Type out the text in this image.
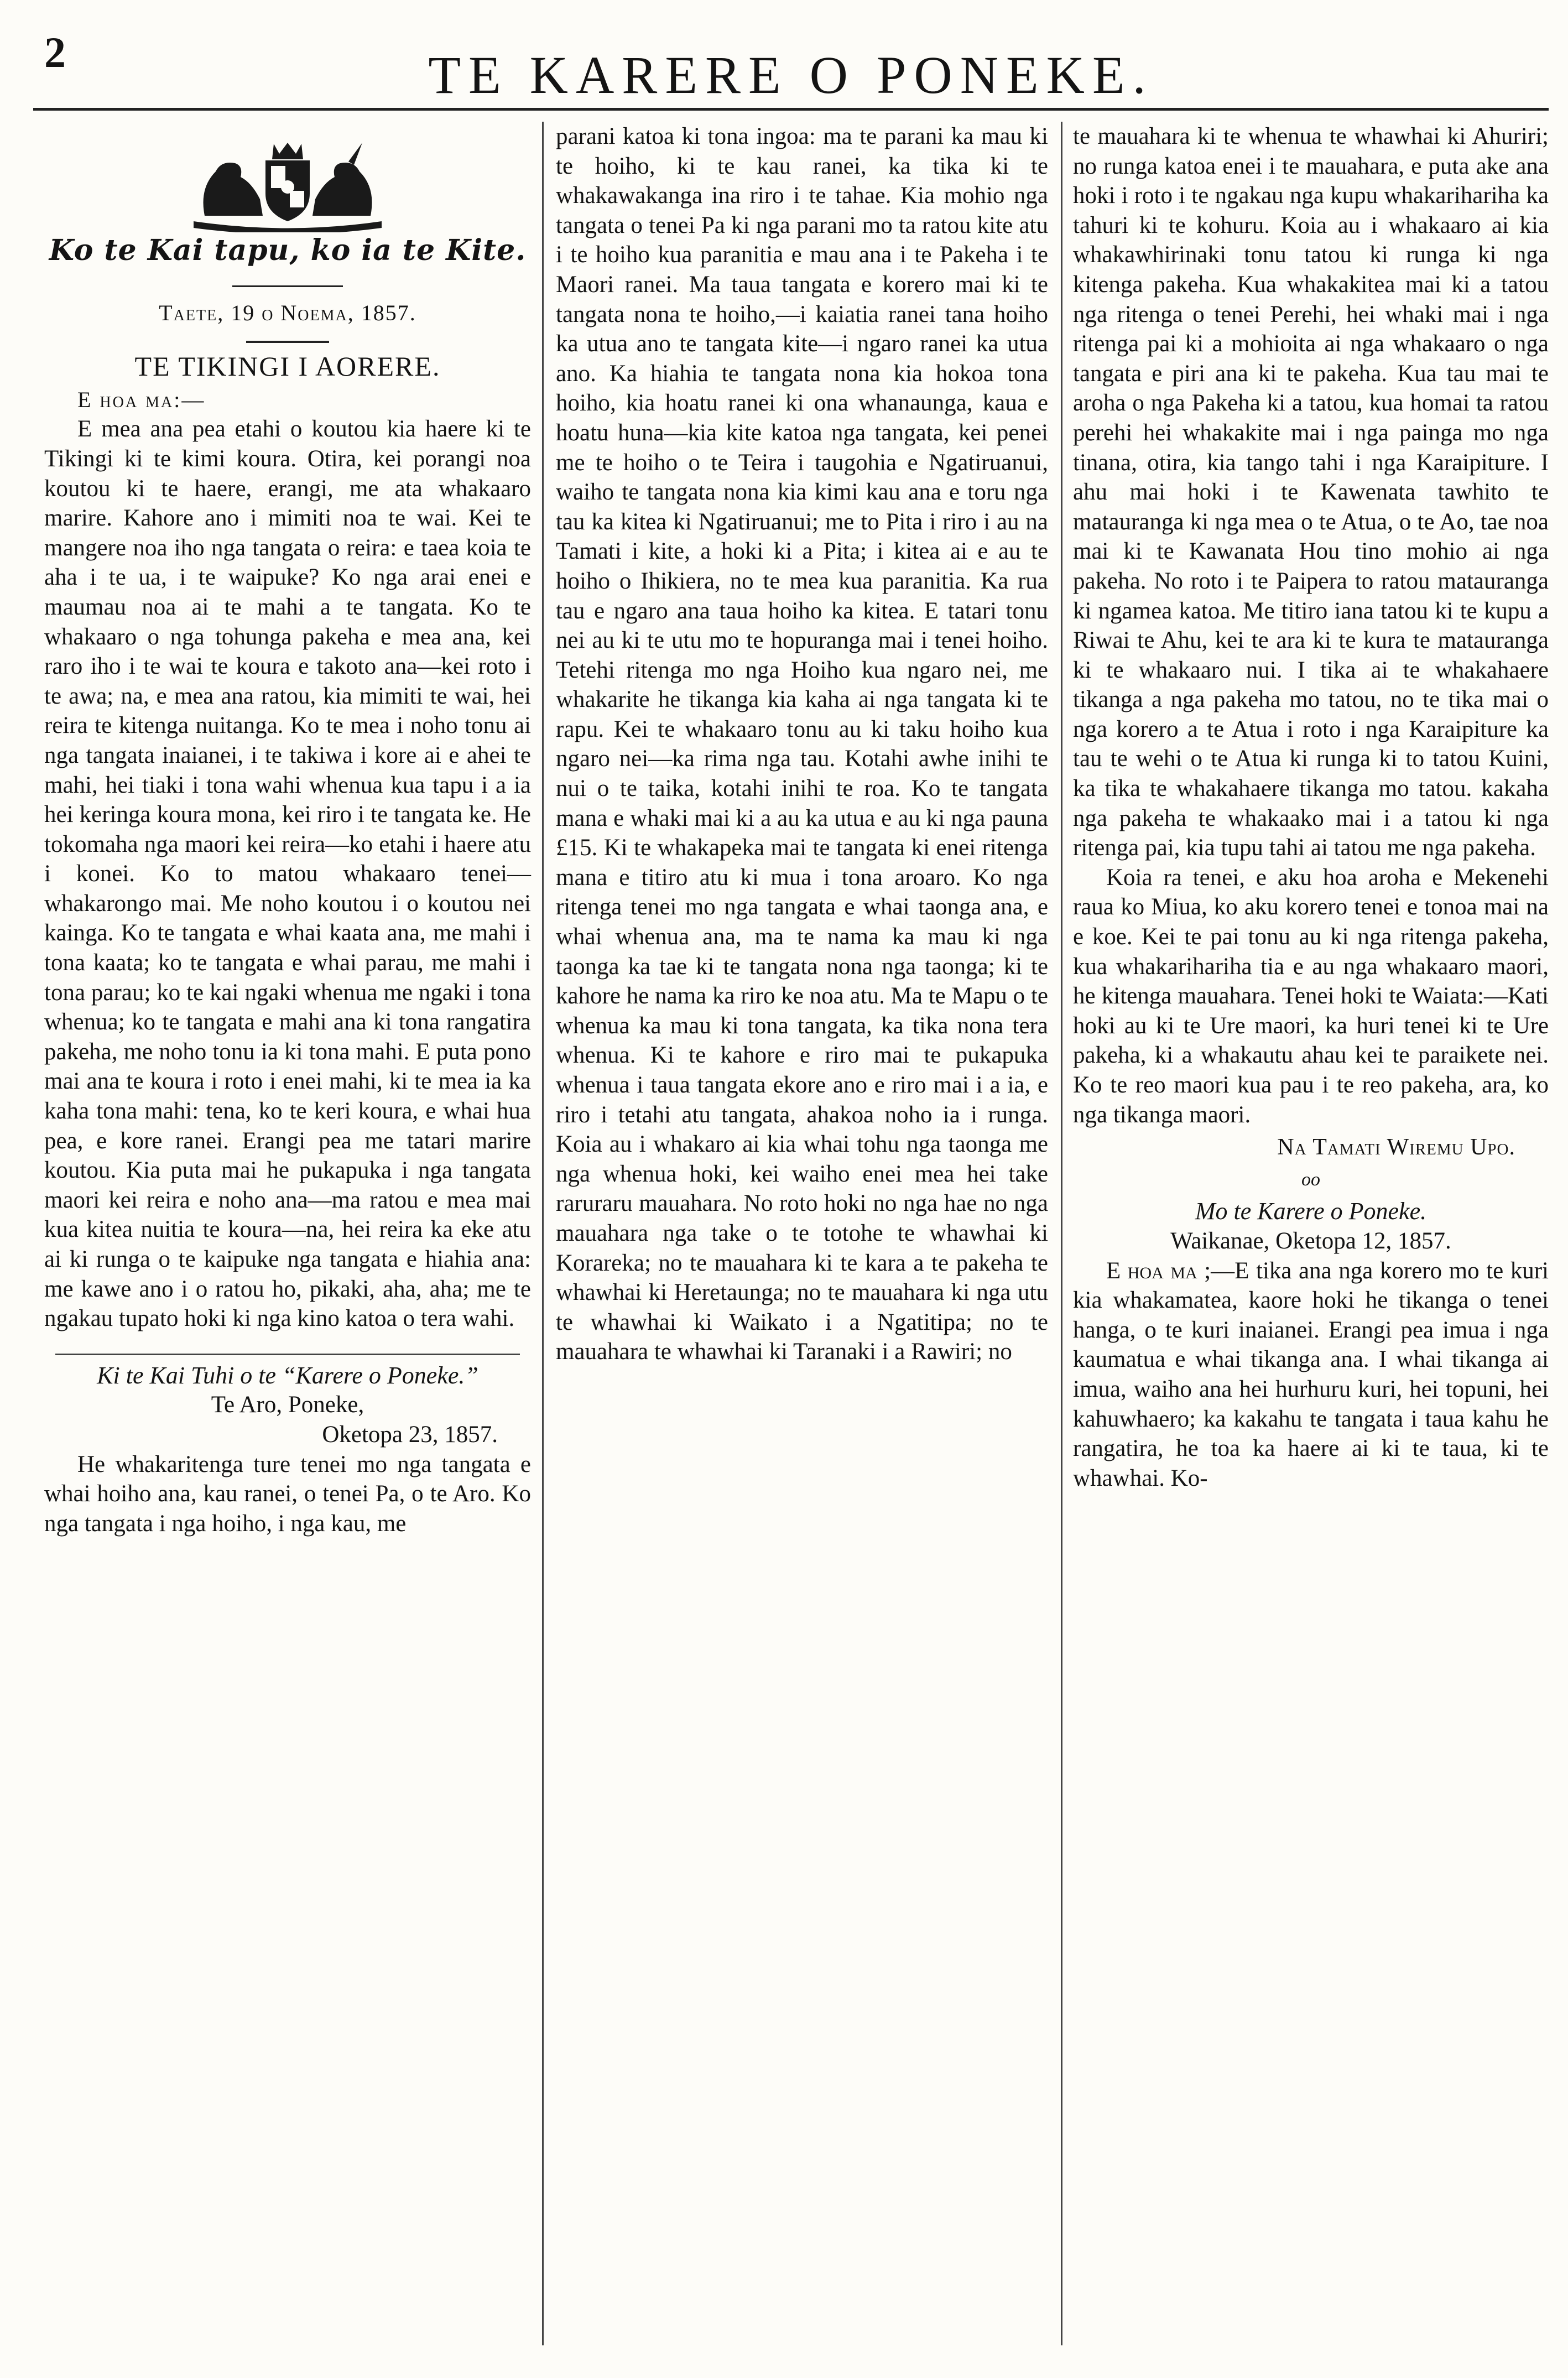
2	TE KARERE O PONEKE.
Ko te Kai tapu, ko ia te Kite.
Taete, 19 o Noema, 1857.
TE TIKINGI I AORERE.
E hoa ma:—

E mea ana pea etahi o koutou kia haere ki te Tikingi ki te kimi koura. Otira, kei porangi noa koutou ki te haere, erangi, me ata whakaaro marire. Kahore ano i mimiti noa te wai. Kei te mangere noa iho nga tangata o reira: e taea koia te aha i te ua, i te waipuke? Ko nga arai enei e maumau noa ai te mahi a te tangata. Ko te whakaaro o nga tohunga pakeha e mea ana, kei raro iho i te wai te koura e takoto ana—kei roto i te awa; na, e mea ana ratou, kia mimiti te wai, hei reira te kitenga nuitanga. Ko te mea i noho tonu ai nga tangata inaianei, i te takiwa i kore ai e ahei te mahi, hei tiaki i tona wahi whenua kua tapu i a ia hei keringa koura mona, kei riro i te tangata ke. He tokomaha nga maori kei reira—ko etahi i haere atu i konei. Ko to matou whakaaro tenei—whakarongo mai. Me noho koutou i o koutou nei kainga. Ko te tangata e whai kaata ana, me mahi i tona kaata; ko te tangata e whai parau, me mahi i tona parau; ko te kai ngaki whenua me ngaki i tona whenua; ko te tangata e mahi ana ki tona rangatira pakeha, me noho tonu ia ki tona mahi. E puta pono mai ana te koura i roto i enei mahi, ki te mea ia ka kaha tona mahi: tena, ko te keri koura, e whai hua pea, e kore ranei. Erangi pea me tatari marire koutou. Kia puta mai he pukapuka i nga tangata maori kei reira e noho ana—ma ratou e mea mai kua kitea nuitia te koura—na, hei reira ka eke atu ai ki runga o te kaipuke nga tangata e hiahia ana: me kawe ano i o ratou ho, pikaki, aha, aha; me te ngakau tupato hoki ki nga kino katoa o tera wahi.

Ki te Kai Tuhi o te “Karere o Poneke.”
Te Aro, Poneke,
Oketopa 23, 1857.

He whakaritenga ture tenei mo nga tangata e whai hoiho ana, kau ranei, o tenei Pa, o te Aro. Ko nga tangata i nga hoiho, i nga kau, me

parani katoa ki tona ingoa: ma te parani ka mau ki te hoiho, ki te kau ranei, ka tika ki te whakawakanga ina riro i te tahae. Kia mohio nga tangata o tenei Pa ki nga parani mo ta ratou kite atu i te hoiho kua paranitia e mau ana i te Pakeha i te Maori ranei. Ma taua tangata e korero mai ki te tangata nona te hoiho,—i kaiatia ranei tana hoiho ka utua ano te tangata kite—i ngaro ranei ka utua ano. Ka hiahia te tangata nona kia hokoa tona hoiho, kia hoatu ranei ki ona whanaunga, kaua e hoatu huna—kia kite katoa nga tangata, kei penei me te hoiho o te Teira i taugohia e Ngatiruanui, waiho te tangata nona kia kimi kau ana e toru nga tau ka kitea ki Ngatiruanui; me to Pita i riro i au na Tamati i kite, a hoki ki a Pita; i kitea ai e au te hoiho o Ihikiera, no te mea kua paranitia. Ka rua tau e ngaro ana taua hoiho ka kitea. E tatari tonu nei au ki te utu mo te hopuranga mai i tenei hoiho. Tetehi ritenga mo nga Hoiho kua ngaro nei, me whakarite he tikanga kia kaha ai nga tangata ki te rapu. Kei te whakaaro tonu au ki taku hoiho kua ngaro nei—ka rima nga tau. Kotahi awhe inihi te nui o te taika, kotahi inihi te roa. Ko te tangata mana e whaki mai ki a au ka utua e au ki nga pauna £15. Ki te whakapeka mai te tangata ki enei ritenga mana e titiro atu ki mua i tona aroaro. Ko nga ritenga tenei mo nga tangata e whai taonga ana, e whai whenua ana, ma te nama ka mau ki nga taonga ka tae ki te tangata nona nga taonga; ki te kahore he nama ka riro ke noa atu. Ma te Mapu o te whenua ka mau ki tona tangata, ka tika nona tera whenua. Ki te kahore e riro mai te pukapuka whenua i taua tangata ekore ano e riro mai i a ia, e riro i tetahi atu tangata, ahakoa noho ia i runga. Koia au i whakaro ai kia whai tohu nga taonga me nga whenua hoki, kei waiho enei mea hei take raruraru mauahara. No roto hoki no nga hae no nga mauahara nga take o te totohe te whawhai ki Korareka; no te mauahara ki te kara a te pakeha te whawhai ki Heretaunga; no te mauahara ki nga utu te whawhai ki Waikato i a Ngatitipa; no te mauahara te whawhai ki Taranaki i a Rawiri; no

te mauahara ki te whenua te whawhai ki Ahuriri; no runga katoa enei i te mauahara, e puta ake ana hoki i roto i te ngakau nga kupu whakarihariha ka tahuri ki te kohuru. Koia au i whakaaro ai kia whakawhirinaki tonu tatou ki runga ki nga kitenga pakeha. Kua whakakitea mai ki a tatou nga ritenga o tenei Perehi, hei whaki mai i nga ritenga pai ki a mohioita ai nga whakaaro o nga tangata e piri ana ki te pakeha. Kua tau mai te aroha o nga Pakeha ki a tatou, kua homai ta ratou perehi hei whakakite mai i nga painga mo nga tinana, otira, kia tango tahi i nga Karaipiture. I ahu mai hoki i te Kawenata tawhito te matauranga ki nga mea o te Atua, o te Ao, tae noa mai ki te Kawanata Hou tino mohio ai nga pakeha. No roto i te Paipera to ratou matauranga ki ngamea katoa. Me titiro iana tatou ki te kupu a Riwai te Ahu, kei te ara ki te kura te matauranga ki te whakaaro nui. I tika ai te whakahaere tikanga a nga pakeha mo tatou, no te tika mai o nga korero a te Atua i roto i nga Karaipiture ka tau te wehi o te Atua ki runga ki to tatou Kuini, ka tika te whakahaere tikanga mo tatou. kakaha nga pakeha te whakaako mai i a tatou ki nga ritenga pai, kia tupu tahi ai tatou me nga pakeha.

Koia ra tenei, e aku hoa aroha e Mekenehi raua ko Miua, ko aku korero tenei e tonoa mai na e koe. Kei te pai tonu au ki nga ritenga pakeha, kua whakarihariha tia e au nga whakaaro maori, he kitenga mauahara. Tenei hoki te Waiata:—Kati hoki au ki te Ure maori, ka huri tenei ki te Ure pakeha, ki a whakautu ahau kei te paraikete nei. Ko te reo maori kua pau i te reo pakeha, ara, ko nga tikanga maori.

Na Tamati Wiremu Upo.
oo
Mo te Karere o Poneke.
Waikanae, Oketopa 12, 1857.

E hoa ma ;—E tika ana nga korero mo te kuri kia whakamatea, kaore hoki he tikanga o tenei hanga, o te kuri inaianei. Erangi pea imua i nga kaumatua e whai tikanga ana. I whai tikanga ai imua, waiho ana hei hurhuru kuri, hei topuni, hei kahuwhaero; ka kakahu te tangata i taua kahu he rangatira, he toa ka haere ai ki te taua, ki te whawhai. Ko-
